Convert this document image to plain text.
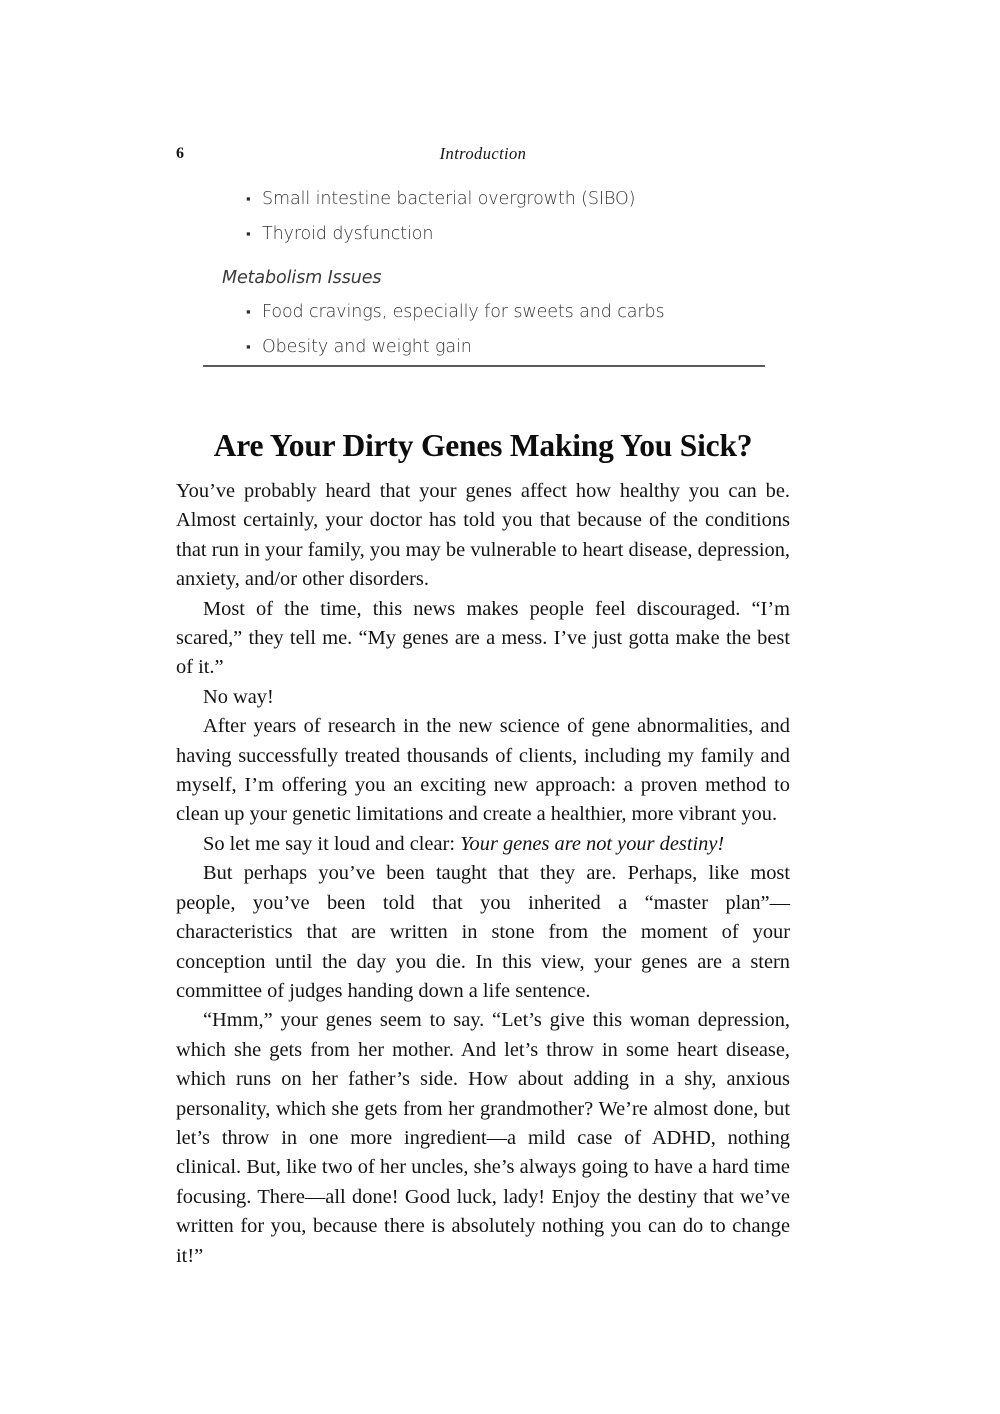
6	Introduction
▪ Small intestine bacterial overgrowth (SIBO)
▪ Thyroid dysfunction
Metabolism Issues
▪ Food cravings, especially for sweets and carbs
▪ Obesity and weight gain
Are Your Dirty Genes Making You Sick?

You’ve probably heard that your genes affect how healthy you can be. Almost certainly, your doctor has told you that because of the conditions that run in your family, you may be vulnerable to heart disease, depression, anxiety, and/or other disorders.

Most of the time, this news makes people feel discouraged. “I’m scared,” they tell me. “My genes are a mess. I’ve just gotta make the best of it.”

No way!

After years of research in the new science of gene abnormalities, and having successfully treated thousands of clients, including my family and myself, I’m offering you an exciting new approach: a proven method to clean up your genetic limitations and create a healthier, more vibrant you.

So let me say it loud and clear: Your genes are not your destiny!

But perhaps you’ve been taught that they are. Perhaps, like most people, you’ve been told that you inherited a “master plan”—characteristics that are written in stone from the moment of your conception until the day you die. In this view, your genes are a stern committee of judges handing down a life sentence.

“Hmm,” your genes seem to say. “Let’s give this woman depression, which she gets from her mother. And let’s throw in some heart disease, which runs on her father’s side. How about adding in a shy, anxious personality, which she gets from her grandmother? We’re almost done, but let’s throw in one more ingredient—a mild case of ADHD, nothing clinical. But, like two of her uncles, she’s always going to have a hard time focusing. There—all done! Good luck, lady! Enjoy the destiny that we’ve written for you, because there is absolutely nothing you can do to change it!”
